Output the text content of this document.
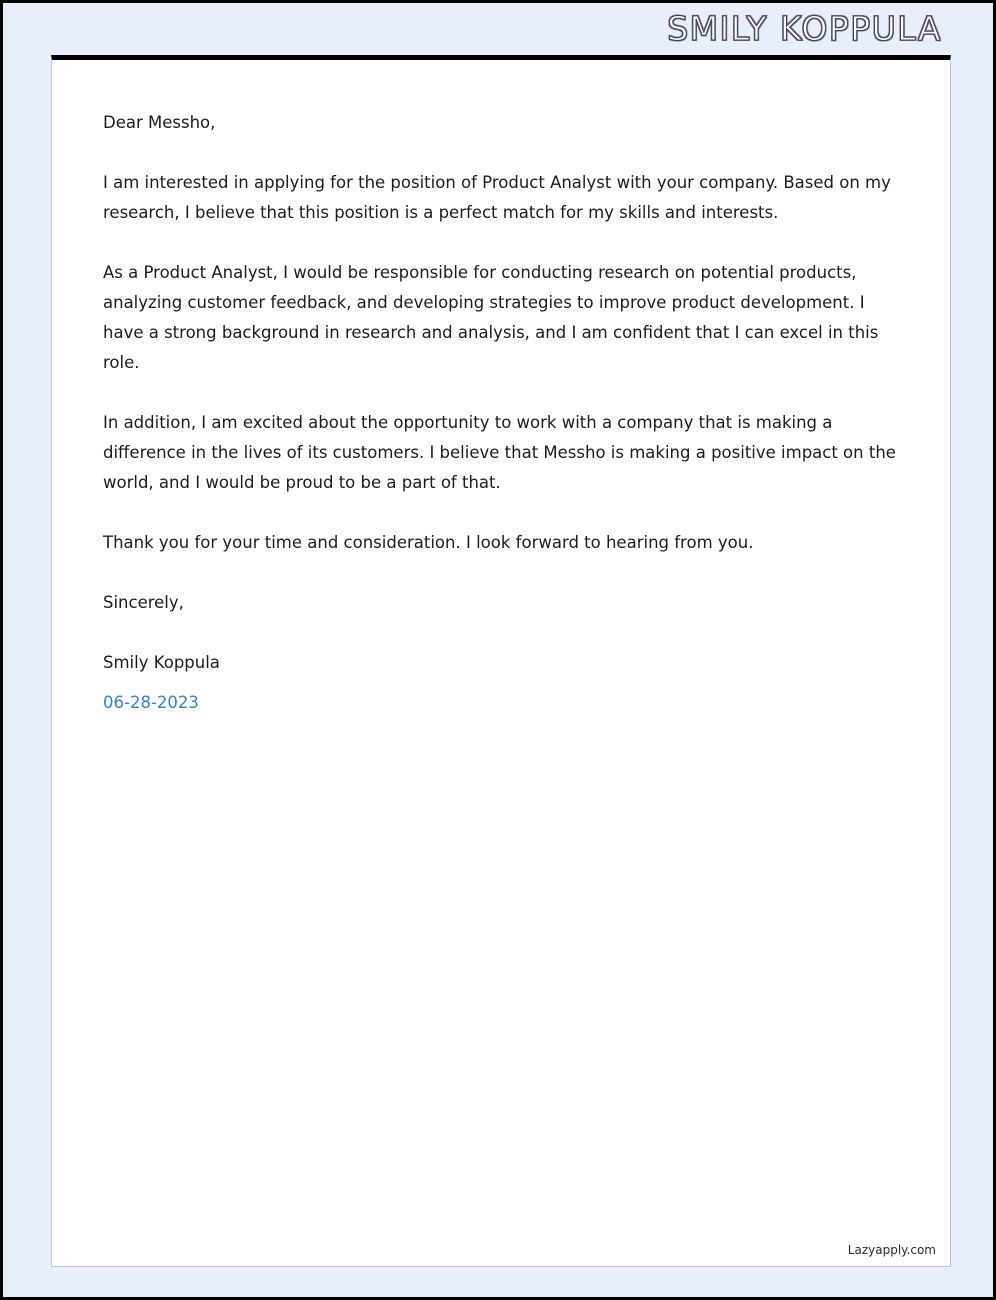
SMILY KOPPULA

Dear Messho,

I am interested in applying for the position of Product Analyst with your company. Based on my research, I believe that this position is a perfect match for my skills and interests.

As a Product Analyst, I would be responsible for conducting research on potential products, analyzing customer feedback, and developing strategies to improve product development. I have a strong background in research and analysis, and I am confident that I can excel in this role.

In addition, I am excited about the opportunity to work with a company that is making a difference in the lives of its customers. I believe that Messho is making a positive impact on the world, and I would be proud to be a part of that.

Thank you for your time and consideration. I look forward to hearing from you.

Sincerely,

Smily Koppula

06-28-2023

Lazyapply.com
